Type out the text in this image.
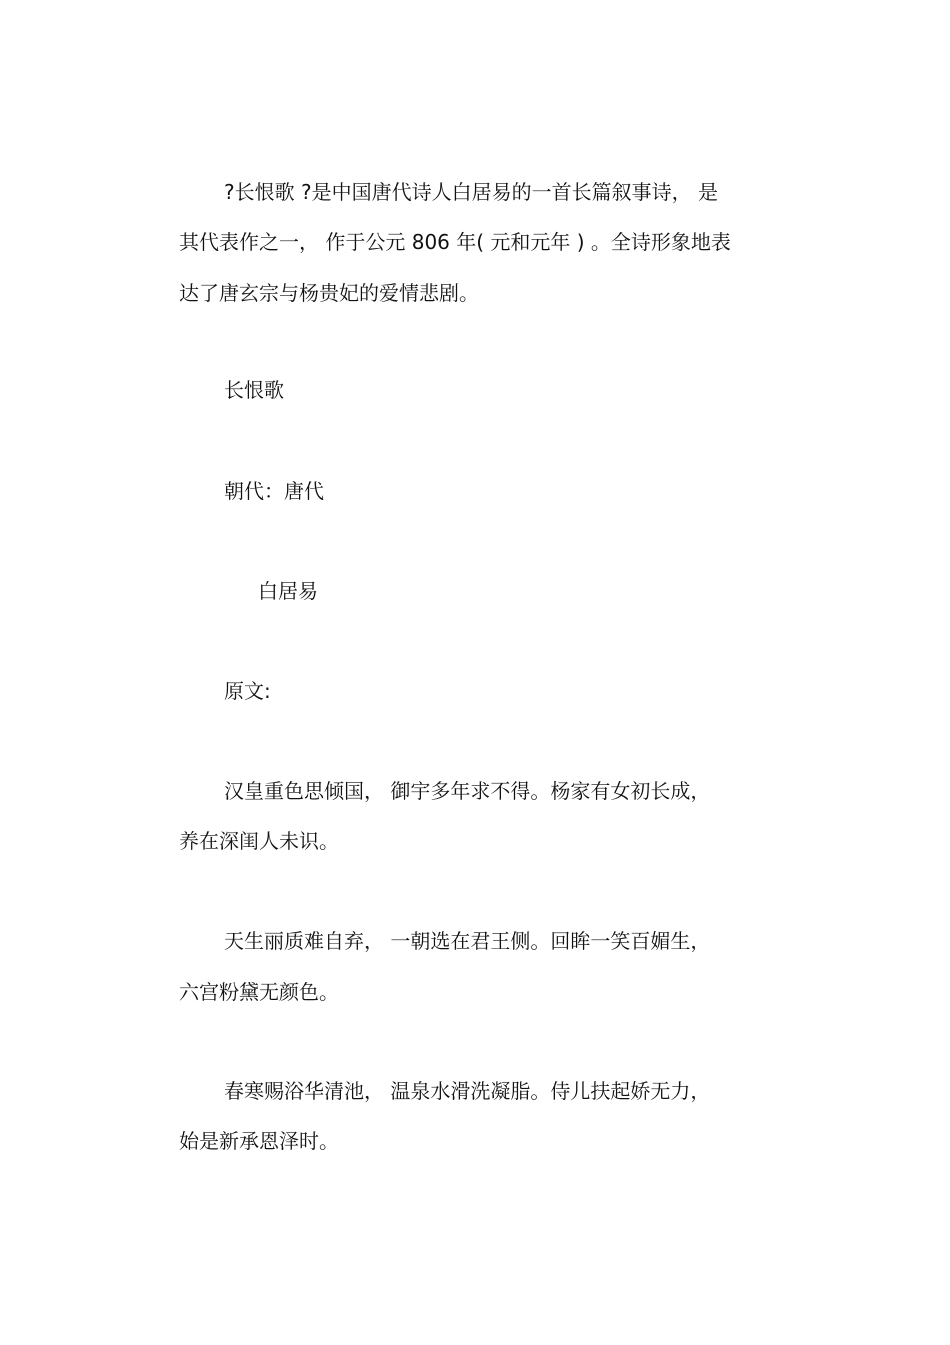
?长恨歌 ?是中国唐代诗人白居易的一首长篇叙事诗， 是
其代表作之一， 作于公元 806 年( 元和元年 ) 。全诗形象地表
达了唐玄宗与杨贵妃的爱情悲剧。
长恨歌
朝代：唐代
白居易
原文:
汉皇重色思倾国， 御宇多年求不得。杨家有女初长成，
养在深闺人未识。
天生丽质难自弃， 一朝选在君王侧。回眸一笑百媚生，
六宫粉黛无颜色。
春寒赐浴华清池， 温泉水滑洗凝脂。侍儿扶起娇无力，
始是新承恩泽时。
